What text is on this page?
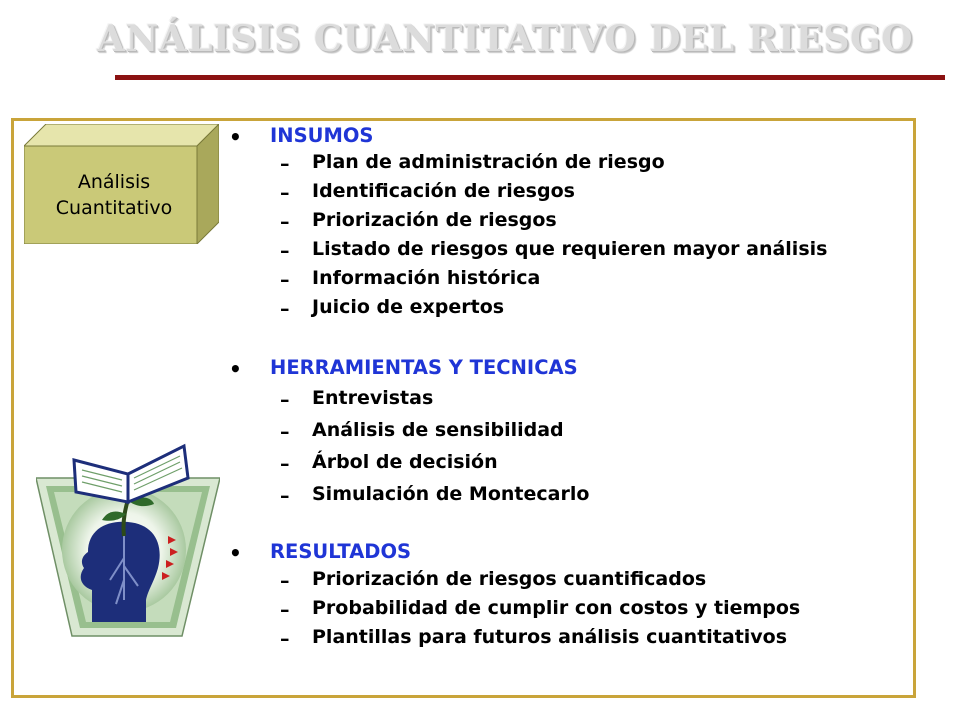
ANÁLISIS CUANTITATIVO DEL RIESGO
Análisis
Cuantitativo
• INSUMOS
– Plan de administración de riesgo
– Identificación de riesgos
– Priorización de riesgos
– Listado de riesgos que requieren mayor análisis
– Información histórica
– Juicio de expertos
• HERRAMIENTAS Y TECNICAS
– Entrevistas
– Análisis de sensibilidad
– Árbol de decisión
– Simulación de Montecarlo
• RESULTADOS
– Priorización de riesgos cuantificados
– Probabilidad de cumplir con costos y tiempos
– Plantillas para futuros análisis cuantitativos
